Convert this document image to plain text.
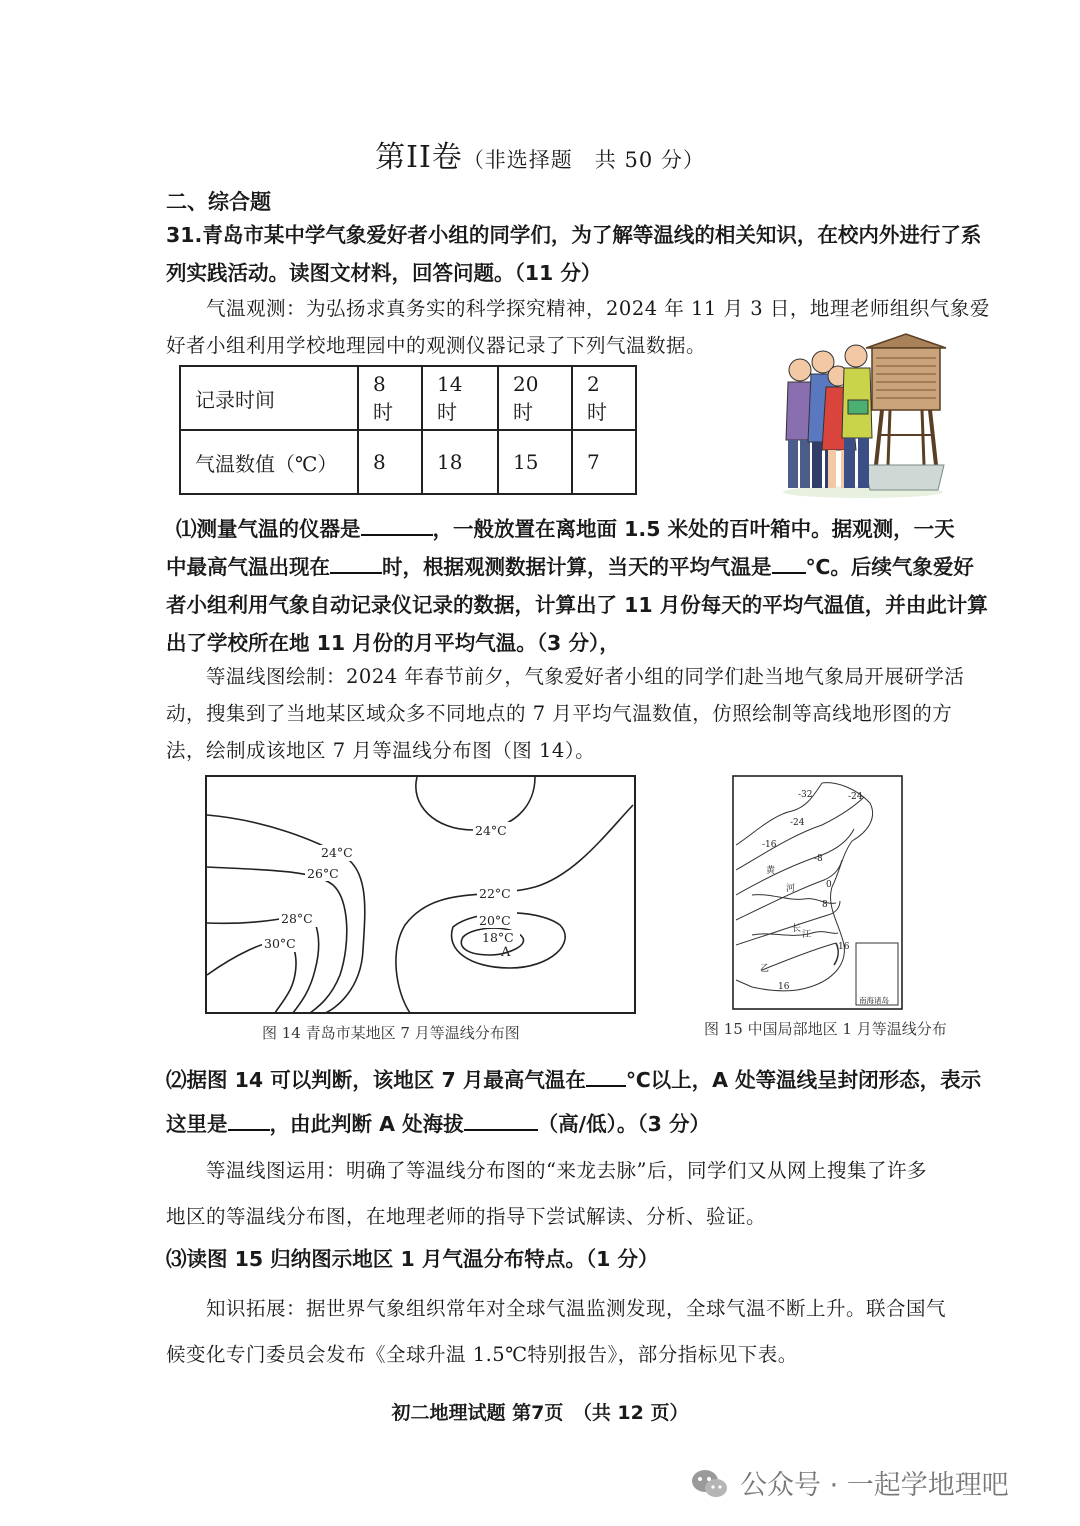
第II卷（非选择题　共 50 分）
二、综合题
31.青岛市某中学气象爱好者小组的同学们，为了解等温线的相关知识，在校内外进行了系
列实践活动。读图文材料，回答问题。（11 分）
气温观测：为弘扬求真务实的科学探究精神，2024 年 11 月 3 日，地理老师组织气象爱
好者小组利用学校地理园中的观测仪器记录了下列气温数据。
记录时间	8 时	14 时	20 时	2 时
气温数值（℃）	8	18	15	7
⑴测量气温的仪器是	，一般放置在离地面 1.5 米处的百叶箱中。据观测，一天
中最高气温出现在	时，根据观测数据计算，当天的平均气温是 ℃。后续气象爱好
者小组利用气象自动记录仪记录的数据，计算出了 11 月份每天的平均气温值，并由此计算
出了学校所在地 11 月份的月平均气温。（3 分），
等温线图绘制：2024 年春节前夕，气象爱好者小组的同学们赴当地气象局开展研学活
动，搜集到了当地某区域众多不同地点的 7 月平均气温数值，仿照绘制等高线地形图的方
法，绘制成该地区 7 月等温线分布图（图 14）。
24°C
24°C
26°C
28°C
30°C
22°C
20°C
18°C
A
图 14 青岛市某地区 7 月等温线分布图
-32	-24
-24
-16
-8
黄
河	0
8
长
江
16
乙
16
南海诸岛
图 15 中国局部地区 1 月等温线分布
⑵据图 14 可以判断，该地区 7 月最高气温在 ℃以上，A 处等温线呈封闭形态，表示
这里是 ，由此判断 A 处海拔	（高/低）。（3 分）
等温线图运用：明确了等温线分布图的“来龙去脉”后，同学们又从网上搜集了许多
地区的等温线分布图，在地理老师的指导下尝试解读、分析、验证。
⑶读图 15 归纳图示地区 1 月气温分布特点。（1 分）
知识拓展：据世界气象组织常年对全球气温监测发现，全球气温不断上升。联合国气
候变化专门委员会发布《全球升温 1.5℃特别报告》，部分指标见下表。
初二地理试题 第7页　（共 12 页）
公众号 · 一起学地理吧
